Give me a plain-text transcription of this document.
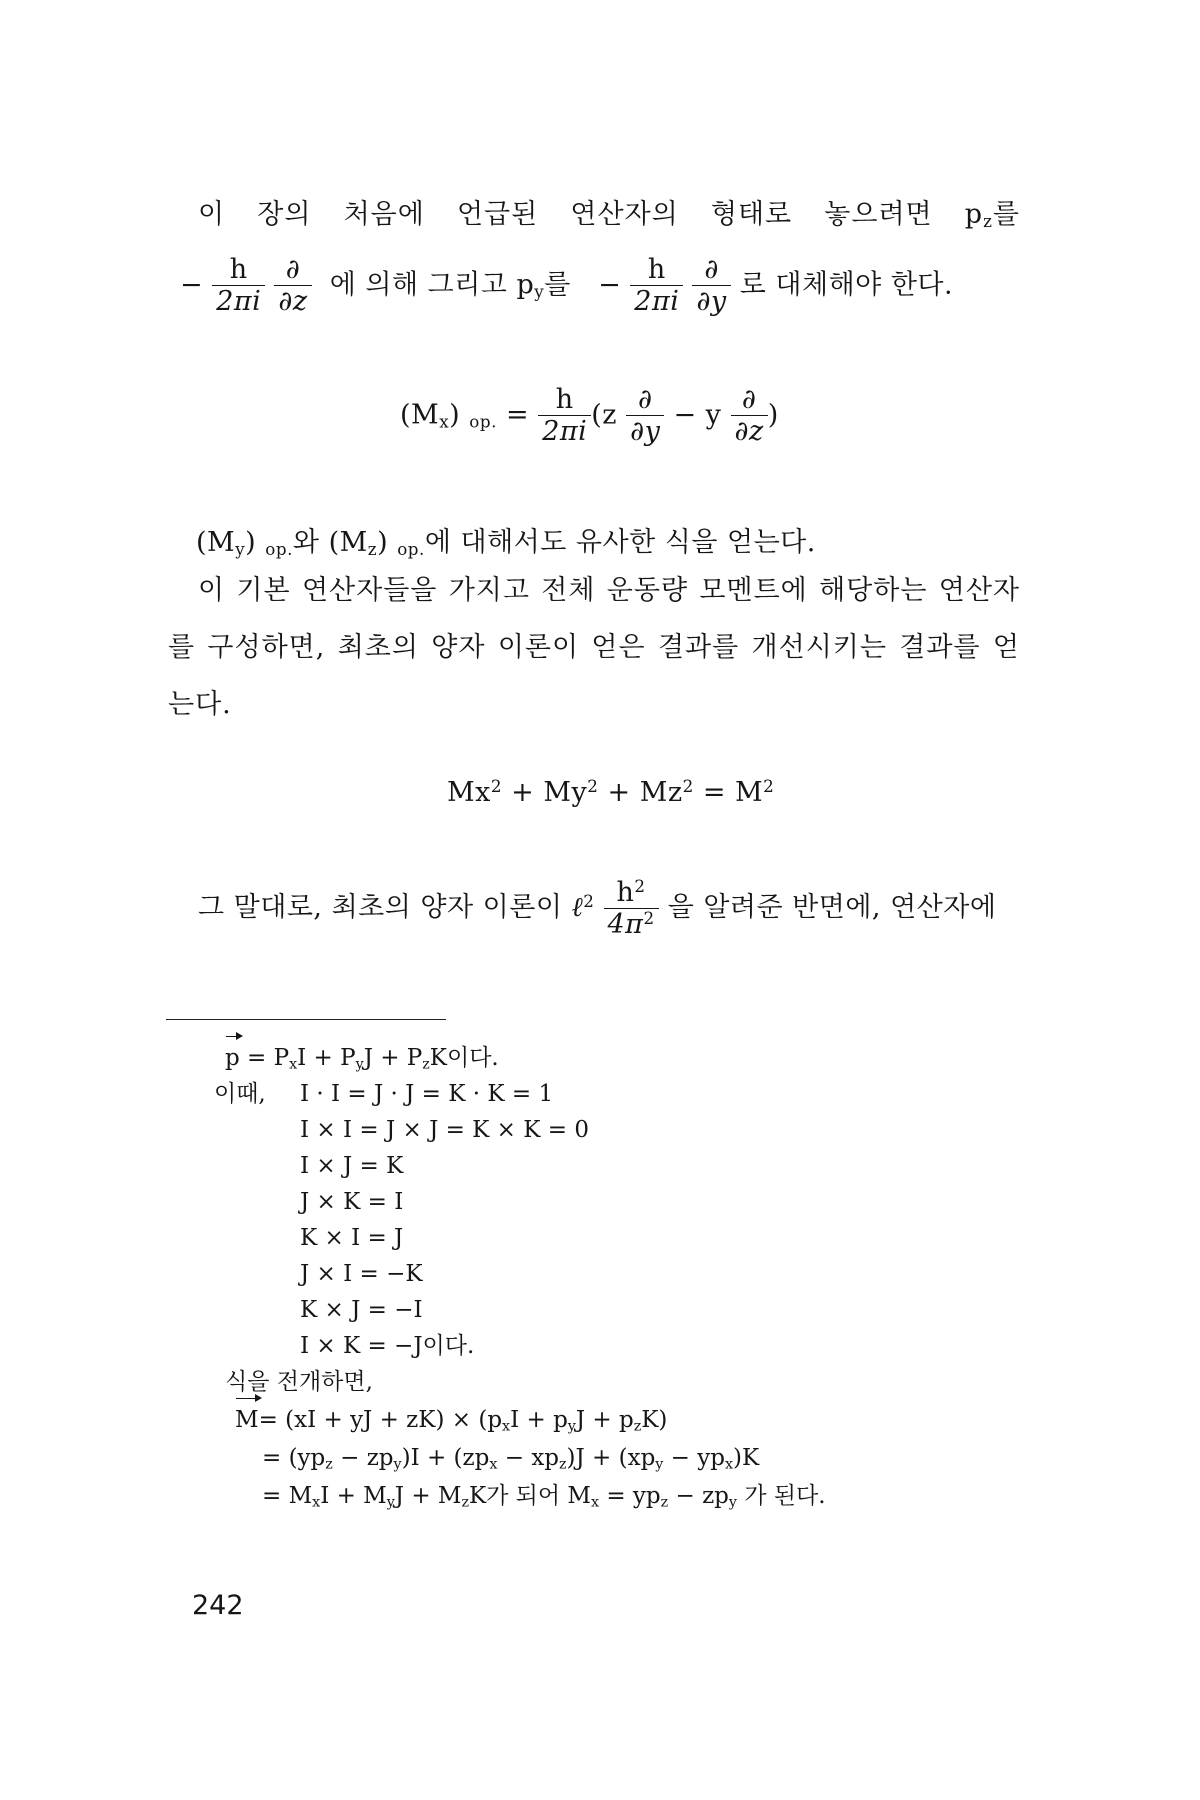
이 장의 처음에 언급된 연산자의 형태로 놓으려면 $p_z$를
− $\frac{h}{2\pi i}$
$\frac{\partial}{\partial z}$ 에 의해 그리고 $p_y$를 − $\frac{h}{2\pi i}$
$\frac{\partial}{\partial y}$ 로 대체해야 한다.
$(M_x) _{op.} = \frac{h}{2\pi i} (z \frac{\partial}{\partial y} - y \frac{\partial}{\partial z}$ )
$(M_y)$ $_{op.}$와 $(M_z)$ $_{op.}$에 대해서도 유사한 식을 얻는다.
이 기본 연산자들을 가지고 전체 운동량 모멘트에 해당하는 연산자
를 구성하면, 최초의 양자 이론이 얻은 결과를 개선시키는 결과를 얻
는다.
$Mx^2 + My^2 + Mz^2 = M^2$
그 말대로, 최초의 양자 이론이 ℓ$^2$ $\frac{h^2}{4\pi^2}$ 을 알려준 반면에, 연산자에
$p = P_xI + P_yJ + P_zK$이다.
이때, I · I = J · J = K · K = 1
I × I = J × J = K × K = 0
I × J = K
J × K = I
K × I = J
J × I = −K
K × J = −I
I × K = −J이다.
식을 전개하면,
M= (xI + yJ + $zK) \times (p_xI + p_yJ + p_zK)$
= $(yp_z - zp_y)I + (zp_x - xp_z)J + (xp_y - yp_x)K$
= $M_xI + M_yJ + M_zK$가 되어 $M_x = yp_z - zp_y$ 가 된다.
242
